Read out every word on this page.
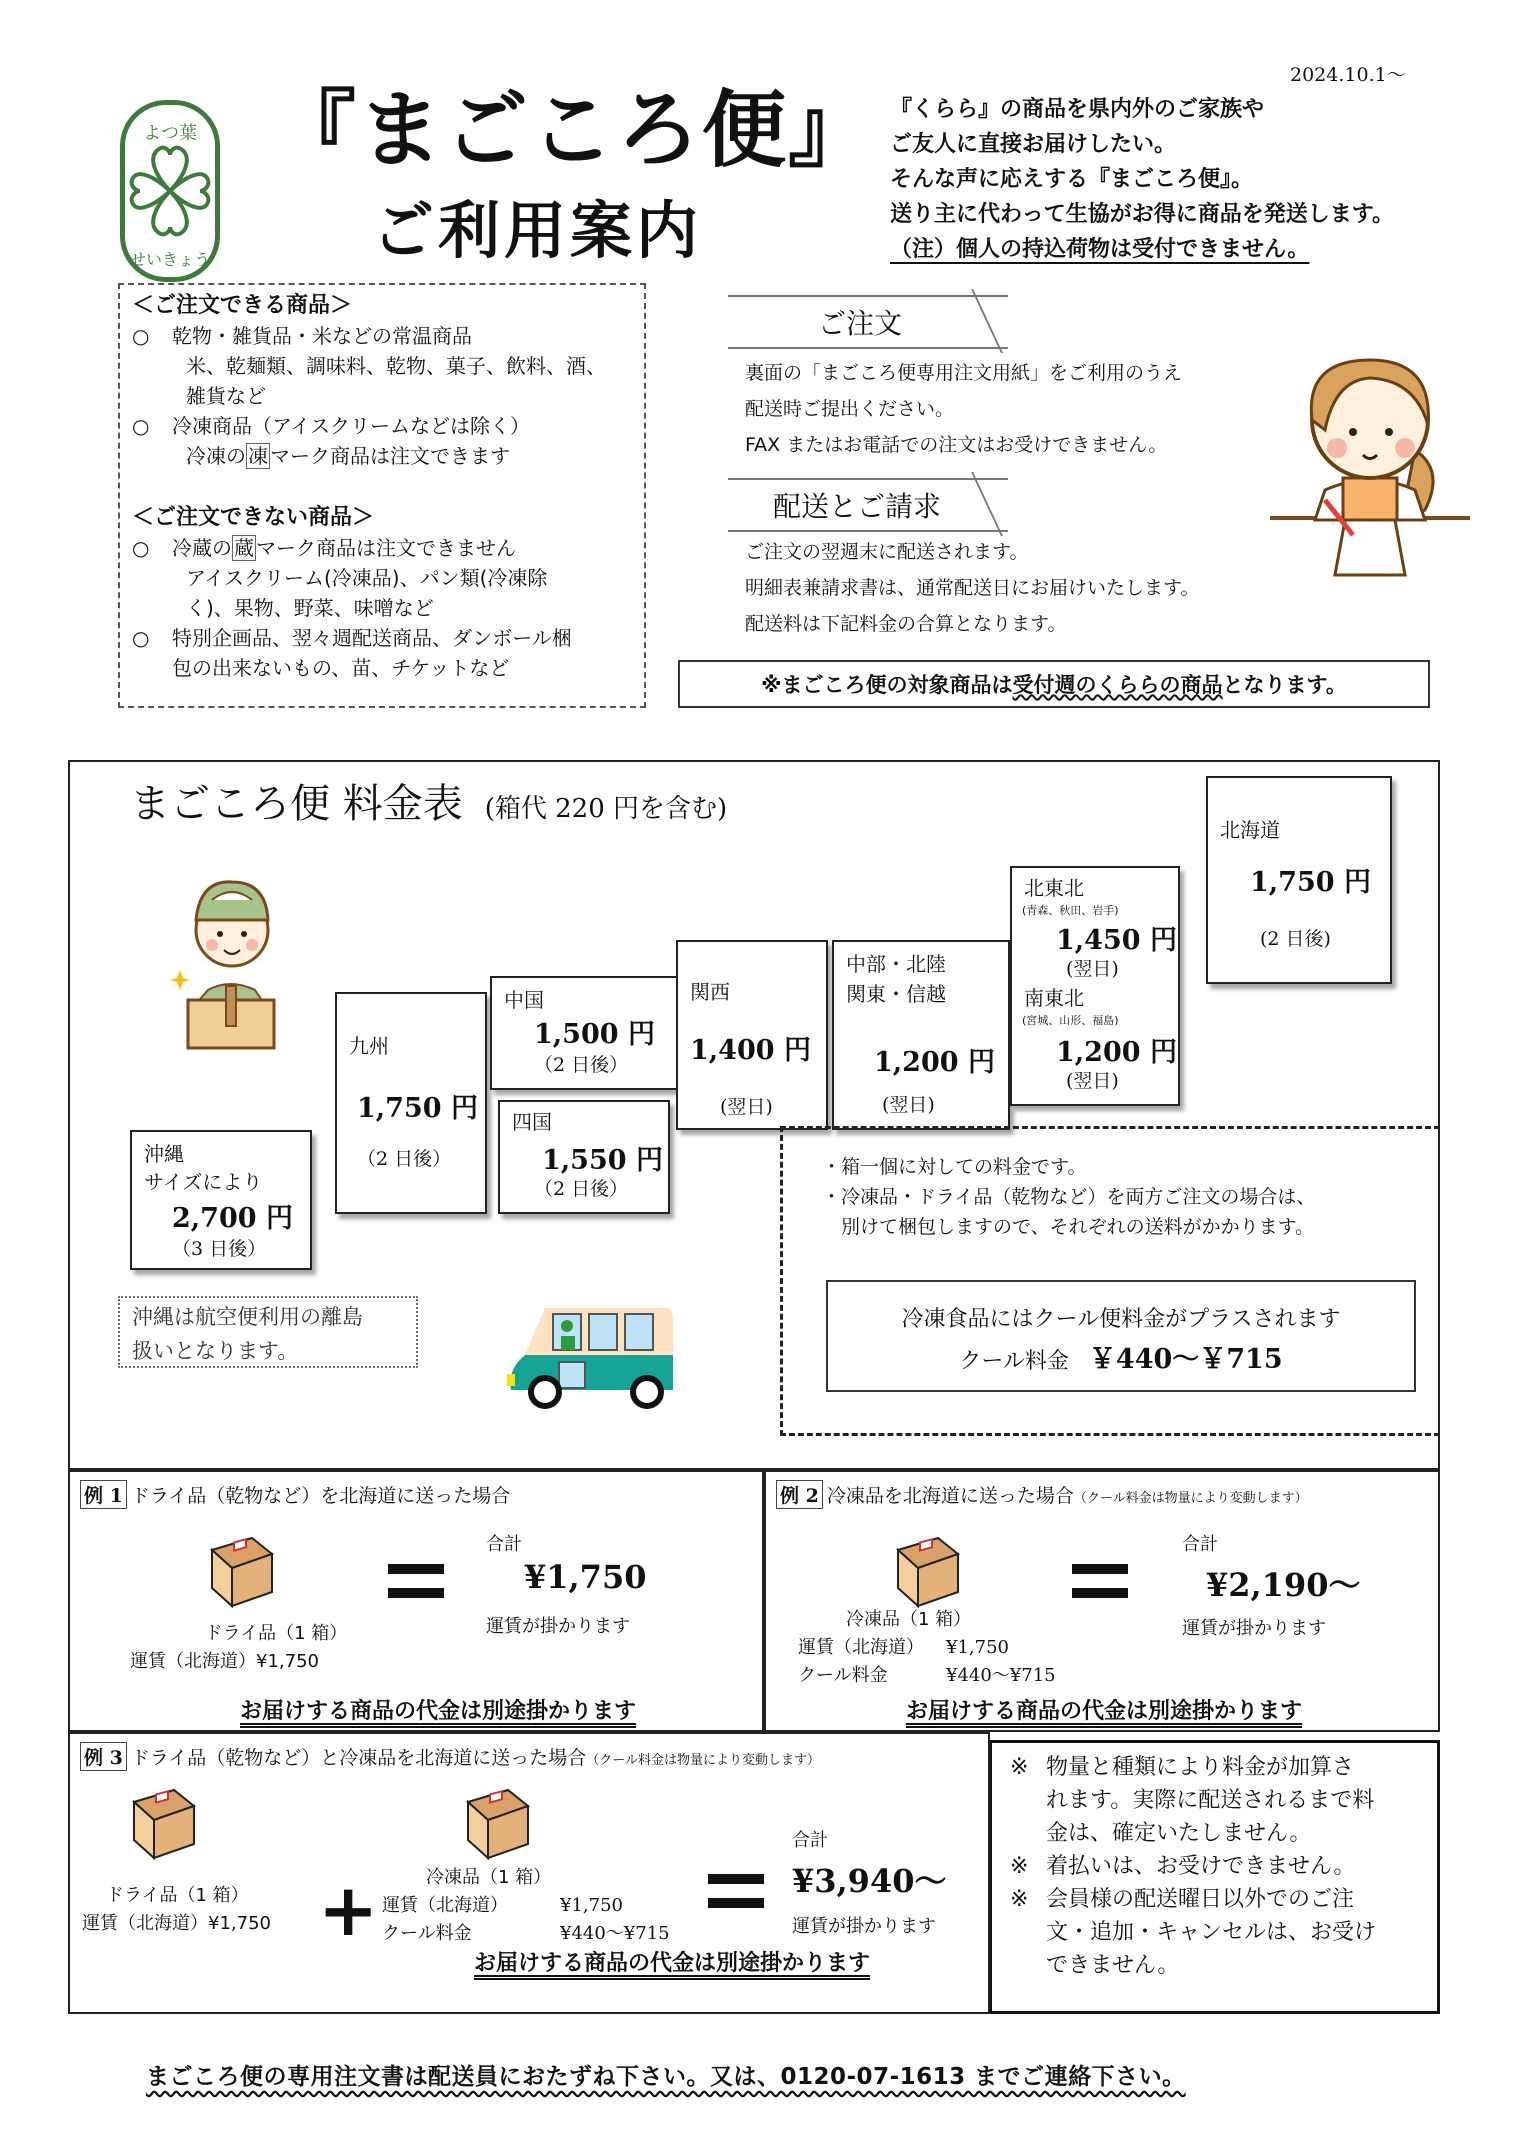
2024.10.1～
よつ葉
せいきょう
『まごころ便』
ご利用案内
『くらら』の商品を県内外のご家族や
ご友人に直接お届けしたい。
そんな声に応えする『まごころ便』。
送り主に代わって生協がお得に商品を発送します。
（注）個人の持込荷物は受付できません。
＜ご注文できる商品＞
○	乾物・雑貨品・米などの常温商品
米、乾麺類、調味料、乾物、菓子、飲料、酒、
雑貨など
○	冷凍商品（アイスクリームなどは除く）
冷凍の 凍 マーク商品は注文できます
＜ご注文できない商品＞
○	冷蔵の 蔵 マーク商品は注文できません
アイスクリーム(冷凍品)、パン類(冷凍除
く)、果物、野菜、味噌など
○	特別企画品、翌々週配送商品、ダンボール梱
包の出来ないもの、苗、チケットなど
ご注文
裏面の「まごころ便専用注文用紙」をご利用のうえ
配送時ご提出ください。
FAX またはお電話での注文はお受けできません。
配送とご請求
ご注文の翌週末に配送されます。
明細表兼請求書は、通常配送日にお届けいたします。
配送料は下記料金の合算となります。
※まごころ便の対象商品は 受付週のくららの商品 となります。
まごころ便 料金表 (箱代 220 円を含む)
沖縄
サイズにより
2,700 円
（3 日後）
九州
1,750 円
（2 日後）
中国
1,500 円
（2 日後）
四国
1,550 円
（2 日後）
関西
1,400 円
(翌日)
中部・北陸
関東・信越
1,200 円
(翌日)
北東北
(青森、秋田、岩手)
1,450 円
(翌日)
南東北
(宮城、山形、福島)
1,200 円
(翌日)
北海道
1,750 円
(2 日後)
沖縄は航空便利用の離島
扱いとなります。
・箱一個に対しての料金です。
・冷凍品・ドライ品（乾物など）を両方ご注文の場合は、
　別けて梱包しますので、それぞれの送料がかかります。
冷凍食品にはクール便料金がプラスされます
クール料金 ￥440～￥715
例 1 ドライ品（乾物など）を北海道に送った場合
ドライ品（1 箱）
運賃（北海道）¥1,750
合計
¥1,750
運賃が掛かります
お届けする商品の代金は別途掛かります
例 2 冷凍品を北海道に送った場合（クール料金は物量により変動します）
冷凍品（1 箱）
運賃（北海道） ¥1,750
クール料金	¥440～¥715
合計
¥2,190～
運賃が掛かります
お届けする商品の代金は別途掛かります
例 3 ドライ品（乾物など）と冷凍品を北海道に送った場合（クール料金は物量により変動します）
ドライ品（1 箱）
運賃（北海道）¥1,750 +	冷凍品（1 箱）
運賃（北海道）	¥1,750
クール料金	¥440～¥715
合計
¥3,940～
運賃が掛かります
お届けする商品の代金は別途掛かります
※ 物量と種類により料金が加算さ
れます。実際に配送されるまで料
金は、確定いたしません。
※ 着払いは、お受けできません。
※ 会員様の配送曜日以外でのご注
文・追加・キャンセルは、お受け
できません。
まごころ便の専用注文書は配送員におたずね下さい。又は、0120-07-1613 までご連絡下さい。
